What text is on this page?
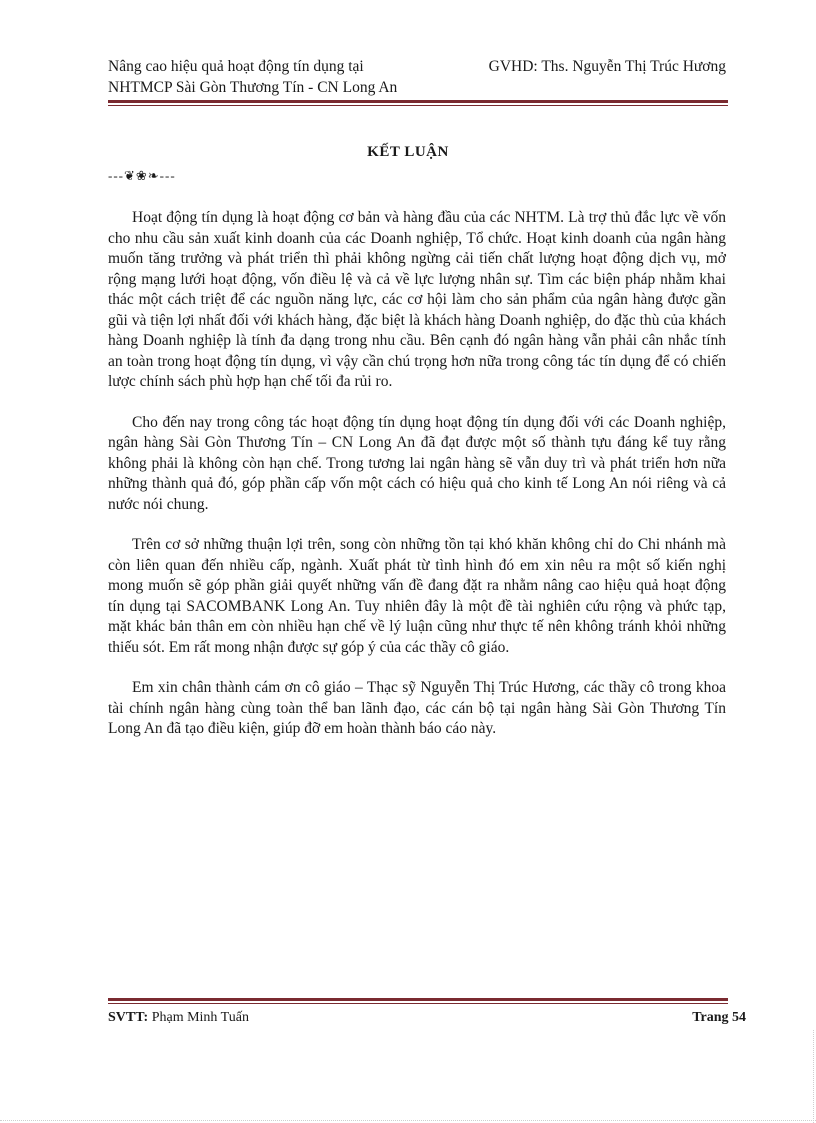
Nâng cao hiệu quả hoạt động tín dụng tại
NHTMCP Sài Gòn Thương Tín - CN Long An
GVHD: Ths. Nguyễn Thị Trúc Hương
KẾT LUẬN
---❦❀❧---

Hoạt động tín dụng là hoạt động cơ bản và hàng đầu của các NHTM. Là trợ thủ đắc lực về vốn cho nhu cầu sản xuất kinh doanh của các Doanh nghiệp, Tổ chức. Hoạt kinh doanh của ngân hàng muốn tăng trưởng và phát triển thì phải không ngừng cải tiến chất lượng hoạt động dịch vụ, mở rộng mạng lưới hoạt động, vốn điều lệ và cả về lực lượng nhân sự. Tìm các biện pháp nhằm khai thác một cách triệt để các nguồn năng lực, các cơ hội làm cho sản phẩm của ngân hàng được gần gũi và tiện lợi nhất đối với khách hàng, đặc biệt là khách hàng Doanh nghiệp, do đặc thù của khách hàng Doanh nghiệp là tính đa dạng trong nhu cầu. Bên cạnh đó ngân hàng vẫn phải cân nhắc tính an toàn trong hoạt động tín dụng, vì vậy cần chú trọng hơn nữa trong công tác tín dụng để có chiến lược chính sách phù hợp hạn chế tối đa rủi ro.

Cho đến nay trong công tác hoạt động tín dụng hoạt động tín dụng đối với các Doanh nghiệp, ngân hàng Sài Gòn Thương Tín – CN Long An đã đạt được một số thành tựu đáng kể tuy rằng không phải là không còn hạn chế. Trong tương lai ngân hàng sẽ vẫn duy trì và phát triển hơn nữa những thành quả đó, góp phần cấp vốn một cách có hiệu quả cho kinh tế Long An nói riêng và cả nước nói chung.

Trên cơ sở những thuận lợi trên, song còn những tồn tại khó khăn không chỉ do Chi nhánh mà còn liên quan đến nhiều cấp, ngành. Xuất phát từ tình hình đó em xin nêu ra một số kiến nghị mong muốn sẽ góp phần giải quyết những vấn đề đang đặt ra nhằm nâng cao hiệu quả hoạt động tín dụng tại SACOMBANK Long An. Tuy nhiên đây là một đề tài nghiên cứu rộng và phức tạp, mặt khác bản thân em còn nhiều hạn chế về lý luận cũng như thực tế nên không tránh khỏi những thiếu sót. Em rất mong nhận được sự góp ý của các thầy cô giáo.

Em xin chân thành cám ơn cô giáo – Thạc sỹ Nguyễn Thị Trúc Hương, các thầy cô trong khoa tài chính ngân hàng cùng toàn thể ban lãnh đạo, các cán bộ tại ngân hàng Sài Gòn Thương Tín Long An đã tạo điều kiện, giúp đỡ em hoàn thành báo cáo này.

SVTT: Phạm Minh Tuấn	Trang 54
